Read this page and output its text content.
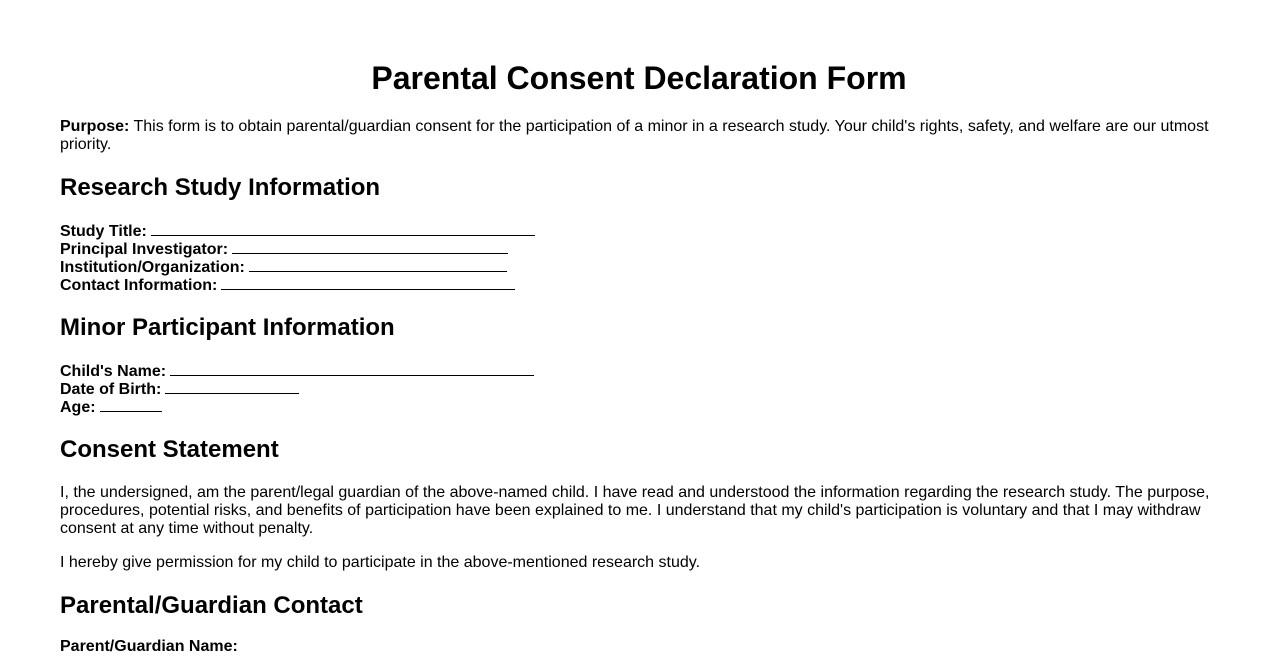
Parental Consent Declaration Form

Purpose: This form is to obtain parental/guardian consent for the participation of a minor in a research study. Your child's rights, safety, and welfare are our utmost priority.

Research Study Information
Study Title:
Principal Investigator:
Institution/Organization:
Contact Information:
Minor Participant Information
Child's Name:
Date of Birth:
Age:
Consent Statement

I, the undersigned, am the parent/legal guardian of the above-named child. I have read and understood the information regarding the research study. The purpose, procedures, potential risks, and benefits of participation have been explained to me. I understand that my child's participation is voluntary and that I may withdraw consent at any time without penalty.

I hereby give permission for my child to participate in the above-mentioned research study.

Parental/Guardian Contact
Parent/Guardian Name:
